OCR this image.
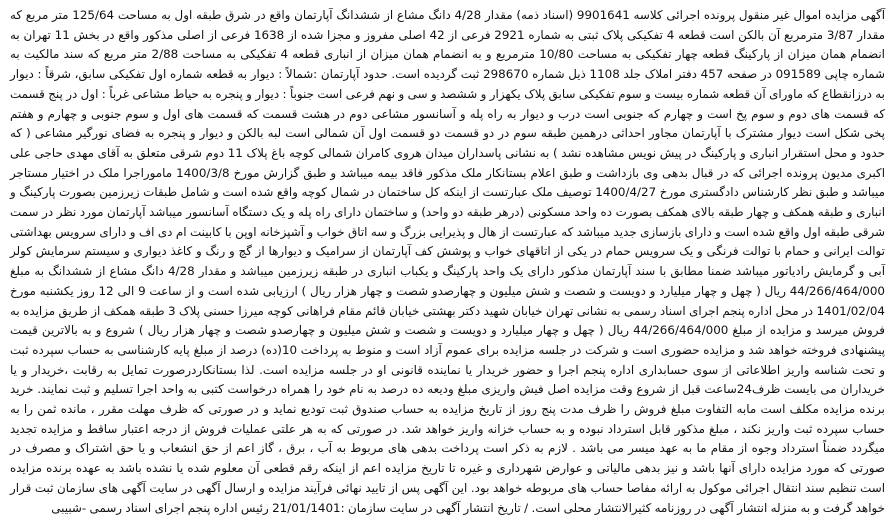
آگهی مزایده اموال غیر منقول پرونده اجرائی کلاسه 9901641 (اسناد ذمه) مقدار 4/28 دانگ مشاع از ششدانگ آپارتمان واقع در شرق طبقه اول به مساحت 125/64 متر مربع که مقدار 3/87 مترمربع آن بالکن است قطعه 4 تفکیکی پلاک ثبتی به شماره 2921 فرعی از 42 اصلی مفروز و مجزا شده از 1638 فرعی از اصلی مذکور واقع در بخش 11 تهران به انضمام همان میزان از پارکینگ قطعه چهار تفکیکی به مساحت 10/80 مترمربع و به انضمام همان میزان از انباری قطعه 4 تفکیکی به مساحت 2/88 متر مربع که سند مالکیت به شماره چاپی 091589 در صفحه 457 دفتر املاک جلد 1108 ذیل شماره 298670 ثبت گردیده است. حدود آپارتمان :شمالاً : دیوار به قطعه شماره اول تفکیکی سابق، شرقاً : دیوار به درزانقطاع که ماورای آن قطعه شماره بیست و سوم تفکیکی سابق پلاک یکهزار و ششصد و سی و نهم فرعی است جنوباً : دیوار و پنجره به حیاط مشاعی غرباً : اول در پنج قسمت که قسمت های دوم و سوم پخ است و چهارم که جنوبی است درب و دیوار به راه پله و آسانسور مشاعی دوم در هشت قسمت که قسمت های اول و سوم جنوبی و چهارم و هفتم پخی شکل است دیوار مشترک با آپارتمان مجاور احداثی درهمین طبقه سوم در دو قسمت دو قسمت اول آن شمالی است لبه بالکن و دیوار و پنجره به فضای نورگیر مشاعی ( که حدود و محل استقرار انباری و پارکینگ در پیش نویس مشاهده نشد ) به نشانی پاسداران میدان هروی کامران شمالی کوچه باغ پلاک 11 دوم شرقی متعلق به آقای مهدی حاجی علی اکبری مدیون پرونده اجرائی که در قبال بدهی وی بازداشت و طبق اعلام بستانکار ملک مذکور فاقد بیمه میباشد و طبق گزارش مورخ 1400/3/8 ماموراجرا ملک در اختیار مستاجر میباشد و طبق نظر کارشناس دادگستری مورخ 1400/4/27 توصیف ملک عبارتست از اینکه کل ساختمان در شمال کوچه واقع شده است و شامل طبقات زیرزمین بصورت پارکینگ و انباری و طبقه همکف و چهار طبقه بالای همکف بصورت ده واحد مسکونی (درهر طبقه دو واحد) و ساختمان دارای راه پله و یک دستگاه آسانسور میباشد آپارتمان مورد نظر در سمت شرقی طبقه اول واقع شده است و دارای بازسازی جدید میباشد که عبارتست از هال و پذیرایی بزرگ و سه اتاق خواب و آشپزخانه اوپن با کابینت ام دی اف و دارای سرویس بهداشتی توالت ایرانی و حمام با توالت فرنگی و یک سرویس حمام در یکی از اتاقهای خواب و پوشش کف آپارتمان از سرامیک و دیوارها از گچ و رنگ و کاغذ دیواری و سیستم سرمایش کولر آبی و گرمایش رادیاتور میباشد ضمنا مطابق با سند آپارتمان مذکور دارای یک واحد پارکینگ و یکباب انباری در طبقه زیرزمین میباشد و مقدار 4/28 دانگ مشاع از ششدانگ به مبلغ 44/266/464/000 ریال ( چهل و چهار میلیارد و دویست و شصت و شش میلیون و چهارصدو شصت و چهار هزار ریال ) ارزیابی شده است و از ساعت 9 الی 12 روز یکشنبه مورخ 1401/02/04 در محل اداره پنجم اجرای اسناد رسمی به نشانی تهران خیابان شهید دکتر بهشتی خیابان قائم مقام فراهانی کوچه میرزا حسنی پلاک 3 طبقه همکف از طریق مزایده به فروش میرسد و مزایده از مبلغ 44/266/464/000 ریال ( چهل و چهار میلیارد و دویست و شصت و شش میلیون و چهارصدو شصت و چهار هزار ریال ) شروع و به بالاترین قیمت پیشنهادی فروخته خواهد شد و مزایده حضوری است و شرکت در جلسه مزایده برای عموم آزاد است و منوط به پرداخت 10(ده) درصد از مبلغ پایه کارشناسی به حساب سپرده ثبت و تحت شناسه واریز اطلاعاتی از سوی حسابداری اداره پنجم اجرا و حضور خریدار یا نماینده قانونی او در جلسه مزایده است. لذا بستانکاردرصورت تمایل به رقابت ،خریدار و یا خریداران می بایست ظرف24ساعت قبل از شروع وقت مزایده اصل فیش واریزی مبلغ ودیعه ده درصد به نام خود را همراه درخواست کتبی به واحد اجرا تسلیم و ثبت نمایند. خرید برنده مزایده مکلف است مابه التفاوت مبلغ فروش را ظرف مدت پنج روز از تاریخ مزایده به حساب صندوق ثبت تودیع نماید و در صورتی که ظرف مهلت مقرر ، مانده ثمن را به حساب سپرده ثبت واریز نکند ، مبلغ مذکور قابل استرداد نبوده و به حساب خزانه واریز خواهد شد. در صورتی که به هر علتی عملیات فروش از درجه اعتبار ساقط و مزایده تجدید میگردد ضمناً استرداد وجوه از مقام ما به عهد میسر می باشد . لازم به ذکر است پرداخت بدهی های مربوط به آب ، برق ، گاز اعم از حق انشعاب و یا حق اشتراک و مصرف در صورتی که مورد مزایده دارای آنها باشد و نیز بدهی مالیاتی و عوارض شهرداری و غیره تا تاریخ مزایده اعم از اینکه رقم قطعی آن معلوم شده یا نشده باشد به عهده برنده مزایده است تنظیم سند انتقال اجرائی موکول به ارائه مفاصا حساب های مربوطه خواهد بود. این آگهی پس از تایید نهائی فرآیند مزایده و ارسال آگهی در سایت آگهی های سازمان ثبت قرار خواهد گرفت و به منزله انتشار آگهی در روزنامه کثیرالانتشار محلی است. / تاریخ انتشار آگهی در سایت سازمان :21/01/1401 رئیس اداره پنجم اجرای اسناد رسمی -شبیبی
